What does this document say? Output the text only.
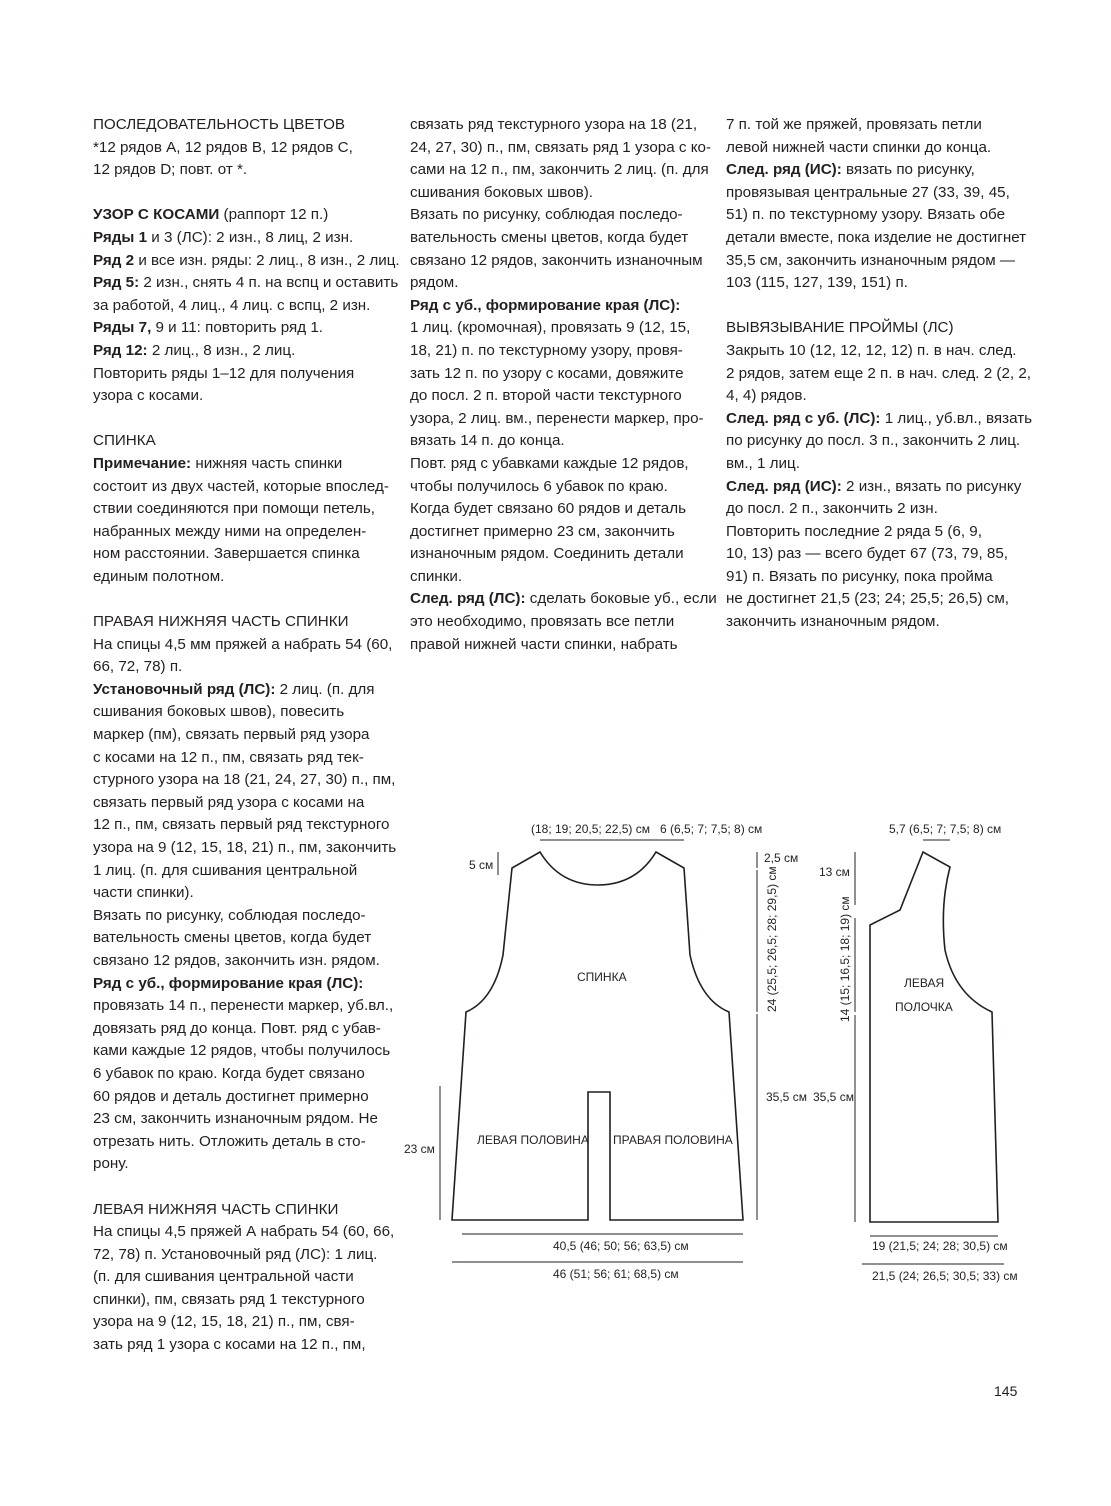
ПОСЛЕДОВАТЕЛЬНОСТЬ ЦВЕТОВ
*12 рядов A, 12 рядов B, 12 рядов C,
12 рядов D; повт. от *.
УЗОР С КОСАМИ (раппорт 12 п.)
Ряды 1 и 3 (ЛС): 2 изн., 8 лиц, 2 изн.
Ряд 2 и все изн. ряды: 2 лиц., 8 изн., 2 лиц.
Ряд 5: 2 изн., снять 4 п. на вспц и оставить
за работой, 4 лиц., 4 лиц. с вспц, 2 изн.
Ряды 7, 9 и 11: повторить ряд 1.
Ряд 12: 2 лиц., 8 изн., 2 лиц.
Повторить ряды 1–12 для получения
узора с косами.
СПИНКА
Примечание: нижняя часть спинки
состоит из двух частей, которые впослед-
ствии соединяются при помощи петель,
набранных между ними на определен-
ном расстоянии. Завершается спинка
единым полотном.
ПРАВАЯ НИЖНЯЯ ЧАСТЬ СПИНКИ
На спицы 4,5 мм пряжей а набрать 54 (60,
66, 72, 78) п.
Установочный ряд (ЛС): 2 лиц. (п. для
сшивания боковых швов), повесить
маркер (пм), связать первый ряд узора
с косами на 12 п., пм, связать ряд тек-
стурного узора на 18 (21, 24, 27, 30) п., пм,
связать первый ряд узора с косами на
12 п., пм, связать первый ряд текстурного
узора на 9 (12, 15, 18, 21) п., пм, закончить
1 лиц. (п. для сшивания центральной
части спинки).
Вязать по рисунку, соблюдая последо-
вательность смены цветов, когда будет
связано 12 рядов, закончить изн. рядом.
Ряд с уб., формирование края (ЛС):
провязать 14 п., перенести маркер, уб.вл.,
довязать ряд до конца. Повт. ряд с убав-
ками каждые 12 рядов, чтобы получилось
6 убавок по краю. Когда будет связано
60 рядов и деталь достигнет примерно
23 см, закончить изнаночным рядом. Не
отрезать нить. Отложить деталь в сто-
рону.
ЛЕВАЯ НИЖНЯЯ ЧАСТЬ СПИНКИ
На спицы 4,5 пряжей А набрать 54 (60, 66,
72, 78) п. Установочный ряд (ЛС): 1 лиц.
(п. для сшивания центральной части
спинки), пм, связать ряд 1 текстурного
узора на 9 (12, 15, 18, 21) п., пм, свя-
зать ряд 1 узора с косами на 12 п., пм,
связать ряд текстурного узора на 18 (21,
24, 27, 30) п., пм, связать ряд 1 узора с ко-
сами на 12 п., пм, закончить 2 лиц. (п. для
сшивания боковых швов).
Вязать по рисунку, соблюдая последо-
вательность смены цветов, когда будет
связано 12 рядов, закончить изнаночным
рядом.
Ряд с уб., формирование края (ЛС):
1 лиц. (кромочная), провязать 9 (12, 15,
18, 21) п. по текстурному узору, провя-
зать 12 п. по узору с косами, довяжите
до посл. 2 п. второй части текстурного
узора, 2 лиц. вм., перенести маркер, про-
вязать 14 п. до конца.
Повт. ряд с убавками каждые 12 рядов,
чтобы получилось 6 убавок по краю.
Когда будет связано 60 рядов и деталь
достигнет примерно 23 см, закончить
изнаночным рядом. Соединить детали
спинки.
След. ряд (ЛС): сделать боковые уб., если
это необходимо, провязать все петли
правой нижней части спинки, набрать
7 п. той же пряжей, провязать петли
левой нижней части спинки до конца.
След. ряд (ИС): вязать по рисунку,
провязывая центральные 27 (33, 39, 45,
51) п. по текстурному узору. Вязать обе
детали вместе, пока изделие не достигнет
35,5 см, закончить изнаночным рядом —
103 (115, 127, 139, 151) п.
ВЫВЯЗЫВАНИЕ ПРОЙМЫ (ЛС)
Закрыть 10 (12, 12, 12, 12) п. в нач. след.
2 рядов, затем еще 2 п. в нач. след. 2 (2, 2,
4, 4) рядов.
След. ряд с уб. (ЛС): 1 лиц., уб.вл., вязать
по рисунку до посл. 3 п., закончить 2 лиц.
вм., 1 лиц.
След. ряд (ИС): 2 изн., вязать по рисунку
до посл. 2 п., закончить 2 изн.
Повторить последние 2 ряда 5 (6, 9,
10, 13) раз — всего будет 67 (73, 79, 85,
91) п. Вязать по рисунку, пока пройма
не достигнет 21,5 (23; 24; 25,5; 26,5) см,
закончить изнаночным рядом.
(18; 19; 20,5; 22,5) см 6 (6,5; 7; 7,5; 8) см
5 см	2,5 см
24 (25,5; 26,5; 28; 29,5) см
СПИНКА
35,5 см 35,5 см
23 см
ЛЕВАЯ ПОЛОВИНА ПРАВАЯ ПОЛОВИНА
40,5 (46; 50; 56; 63,5) см
46 (51; 56; 61; 68,5) см
5,7 (6,5; 7; 7,5; 8) см
13 см
14 (15; 16,5; 18; 19) см	ЛЕВАЯ
ПОЛОЧКА
19 (21,5; 24; 28; 30,5) см
21,5 (24; 26,5; 30,5; 33) см
145
